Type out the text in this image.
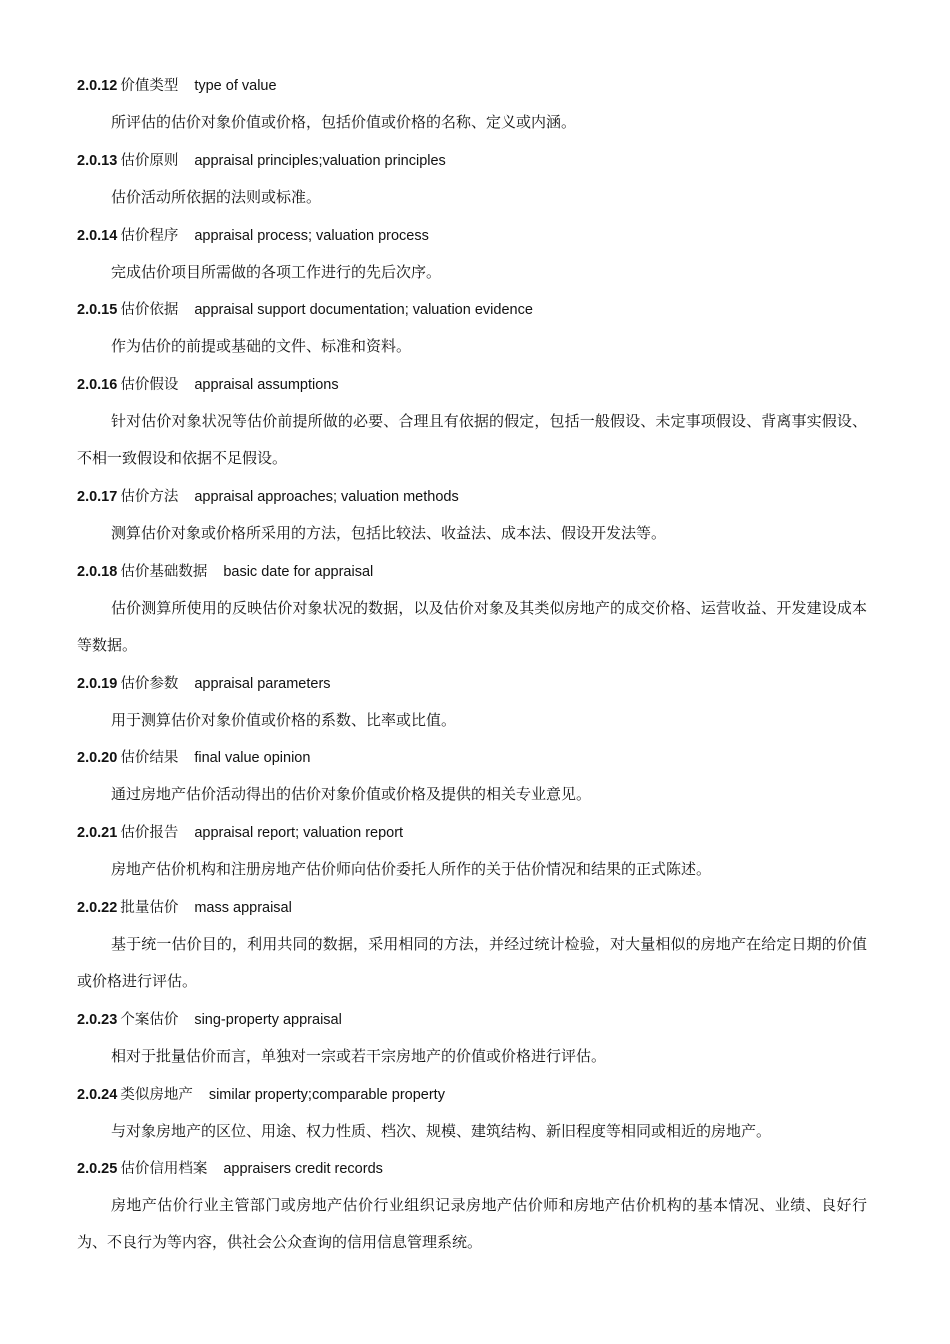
2.0.12 价值类型 type of value

所评估的估价对象价值或价格，包括价值或价格的名称、定义或内涵。

2.0.13 估价原则 appraisal principles;valuation principles

估价活动所依据的法则或标准。

2.0.14 估价程序 appraisal process; valuation process

完成估价项目所需做的各项工作进行的先后次序。

2.0.15 估价依据 appraisal support documentation; valuation evidence

作为估价的前提或基础的文件、标准和资料。

2.0.16 估价假设 appraisal assumptions

针对估价对象状况等估价前提所做的必要、合理且有依据的假定，包括一般假设、未定事项假设、背离事实假设、不相一致假设和依据不足假设。

2.0.17 估价方法 appraisal approaches; valuation methods

测算估价对象或价格所采用的方法，包括比较法、收益法、成本法、假设开发法等。

2.0.18 估价基础数据 basic date for appraisal

估价测算所使用的反映估价对象状况的数据，以及估价对象及其类似房地产的成交价格、运营收益、开发建设成本等数据。

2.0.19 估价参数 appraisal parameters

用于测算估价对象价值或价格的系数、比率或比值。

2.0.20 估价结果 final value opinion

通过房地产估价活动得出的估价对象价值或价格及提供的相关专业意见。

2.0.21 估价报告 appraisal report; valuation report

房地产估价机构和注册房地产估价师向估价委托人所作的关于估价情况和结果的正式陈述。

2.0.22 批量估价 mass appraisal

基于统一估价目的，利用共同的数据，采用相同的方法，并经过统计检验，对大量相似的房地产在给定日期的价值或价格进行评估。

2.0.23 个案估价 sing-property appraisal

相对于批量估价而言，单独对一宗或若干宗房地产的价值或价格进行评估。

2.0.24 类似房地产 similar property;comparable property

与对象房地产的区位、用途、权力性质、档次、规模、建筑结构、新旧程度等相同或相近的房地产。

2.0.25 估价信用档案 appraisers credit records

房地产估价行业主管部门或房地产估价行业组织记录房地产估价师和房地产估价机构的基本情况、业绩、良好行为、不良行为等内容，供社会公众查询的信用信息管理系统。
